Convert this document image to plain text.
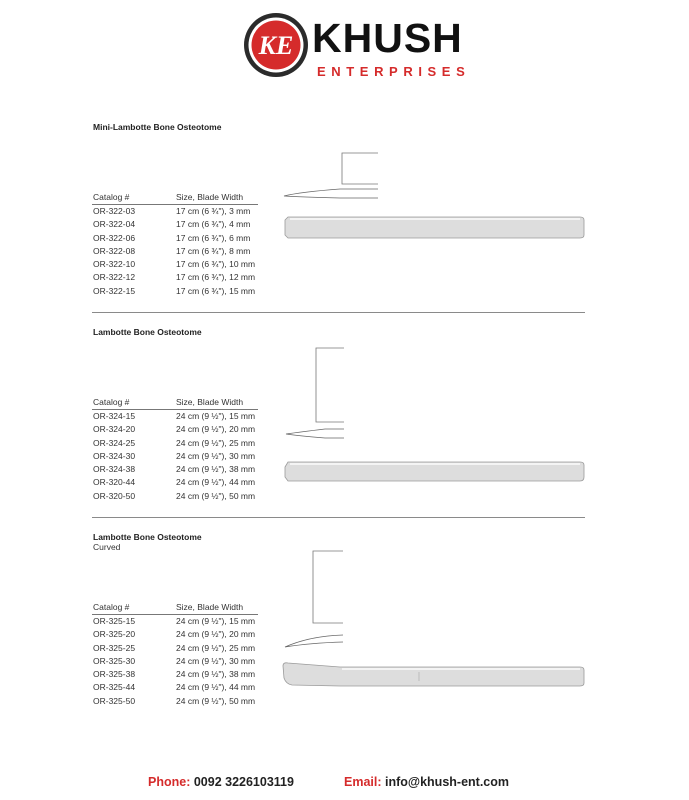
KE KHUSH
ENTERPRISES
Mini-Lambotte Bone Osteotome
Catalog #	Size, Blade Width
OR-322-03	17 cm (6 ¾"), 3 mm
OR-322-04	17 cm (6 ¾"), 4 mm
OR-322-06	17 cm (6 ¾"), 6 mm
OR-322-08	17 cm (6 ¾"), 8 mm
OR-322-10	17 cm (6 ¾"), 10 mm
OR-322-12	17 cm (6 ¾"), 12 mm
OR-322-15	17 cm (6 ¾"), 15 mm
Lambotte Bone Osteotome
Catalog #	Size, Blade Width
OR-324-15	24 cm (9 ½"), 15 mm
OR-324-20	24 cm (9 ½"), 20 mm
OR-324-25	24 cm (9 ½"), 25 mm
OR-324-30	24 cm (9 ½"), 30 mm
OR-324-38	24 cm (9 ½"), 38 mm
OR-320-44	24 cm (9 ½"), 44 mm
OR-320-50	24 cm (9 ½"), 50 mm
Lambotte Bone Osteotome
Curved
Catalog #	Size, Blade Width
OR-325-15	24 cm (9 ½"), 15 mm
OR-325-20	24 cm (9 ½"), 20 mm
OR-325-25	24 cm (9 ½"), 25 mm
OR-325-30	24 cm (9 ½"), 30 mm
OR-325-38	24 cm (9 ½"), 38 mm
OR-325-44	24 cm (9 ½"), 44 mm
OR-325-50	24 cm (9 ½"), 50 mm
Phone: 0092 3226103119	Email: info@khush-ent.com
